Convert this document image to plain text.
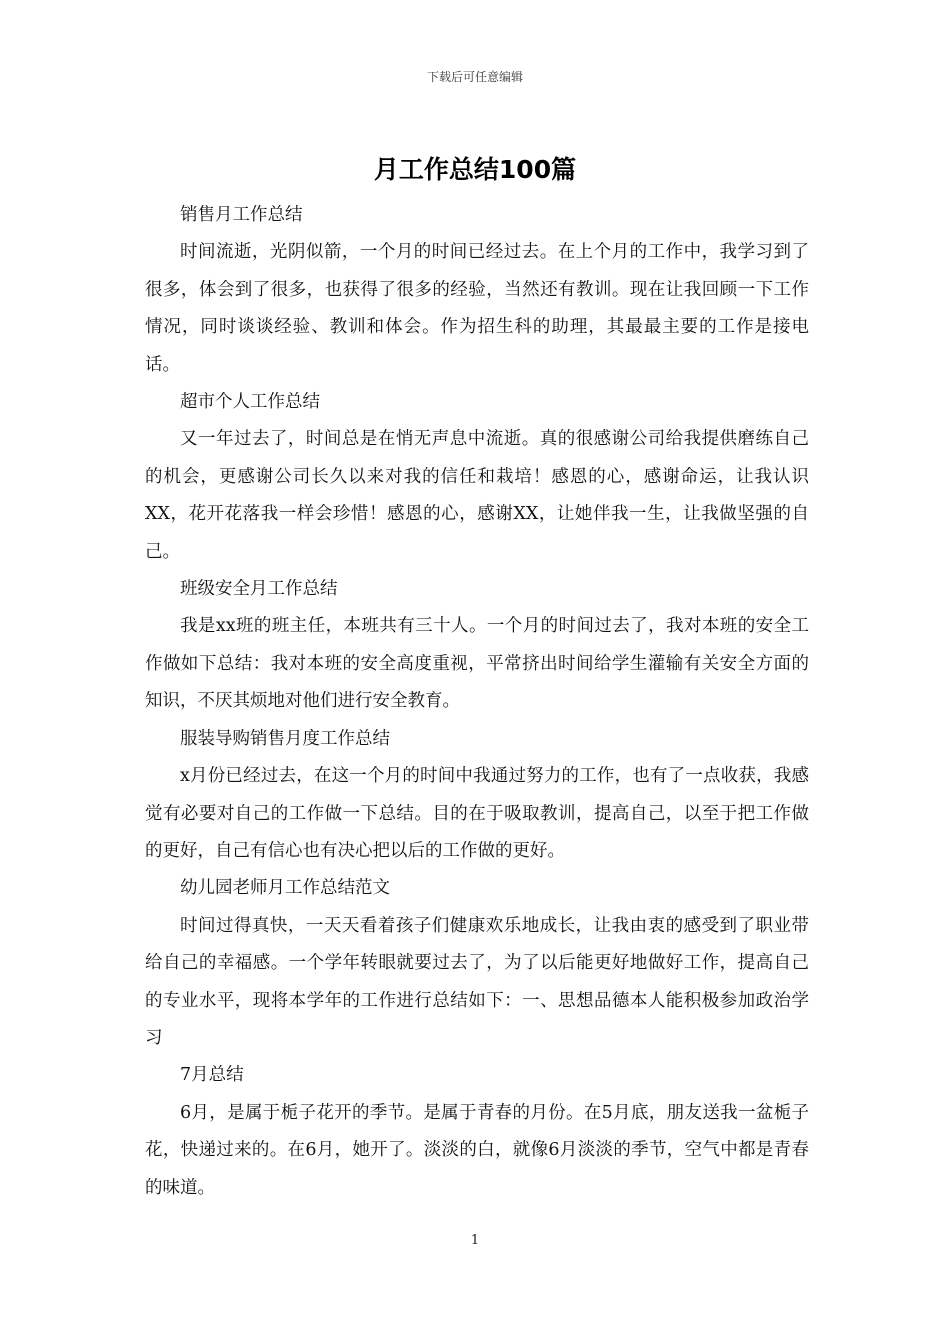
下载后可任意编辑
月工作总结100篇

销售月工作总结

时间流逝，光阴似箭，一个月的时间已经过去。在上个月的工作中，我学习到了很多，体会到了很多，也获得了很多的经验，当然还有教训。现在让我回顾一下工作情况，同时谈谈经验、教训和体会。作为招生科的助理，其最最主要的工作是接电话。

超市个人工作总结

又一年过去了，时间总是在悄无声息中流逝。真的很感谢公司给我提供磨练自己的机会，更感谢公司长久以来对我的信任和栽培！感恩的心，感谢命运，让我认识XX，花开花落我一样会珍惜！感恩的心，感谢XX，让她伴我一生，让我做坚强的自己。

班级安全月工作总结

我是xx班的班主任，本班共有三十人。一个月的时间过去了，我对本班的安全工作做如下总结：我对本班的安全高度重视，平常挤出时间给学生灌输有关安全方面的知识，不厌其烦地对他们进行安全教育。

服装导购销售月度工作总结

x月份已经过去，在这一个月的时间中我通过努力的工作，也有了一点收获，我感觉有必要对自己的工作做一下总结。目的在于吸取教训，提高自己，以至于把工作做的更好，自己有信心也有决心把以后的工作做的更好。

幼儿园老师月工作总结范文

时间过得真快，一天天看着孩子们健康欢乐地成长，让我由衷的感受到了职业带给自己的幸福感。一个学年转眼就要过去了，为了以后能更好地做好工作，提高自己的专业水平，现将本学年的工作进行总结如下：一、思想品德本人能积极参加政治学习

7月总结

6月，是属于栀子花开的季节。是属于青春的月份。在5月底，朋友送我一盆栀子花，快递过来的。在6月，她开了。淡淡的白，就像6月淡淡的季节，空气中都是青春的味道。

1
